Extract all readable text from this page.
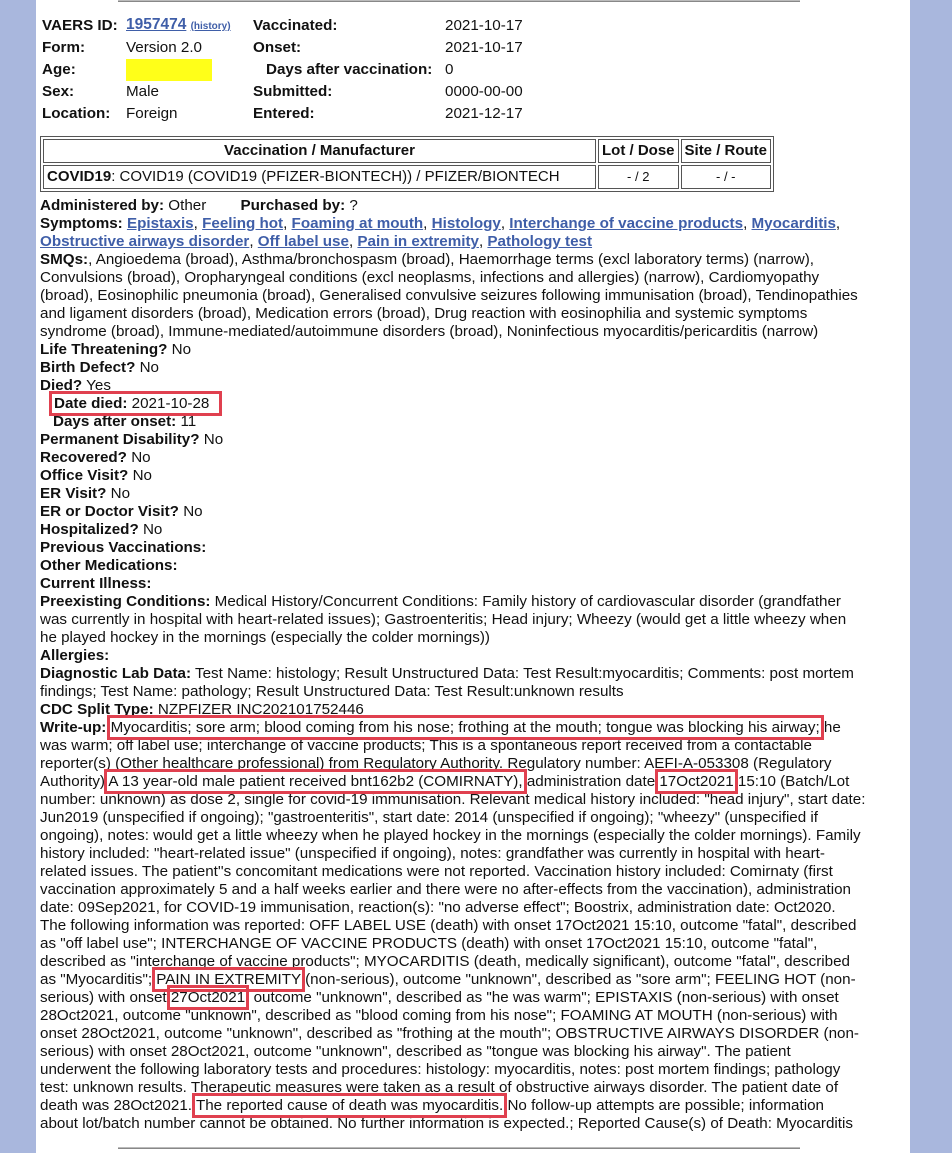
VAERS ID:	1957474 (history)	Vaccinated:	2021-10-17
Form:	Version 2.0	Onset:	2021-10-17
Age:		Days after vaccination:	0
Sex:	Male	Submitted:	0000-00-00
Location:	Foreign	Entered:	2021-12-17
Vaccination / Manufacturer	Lot / Dose	Site / Route
COVID19: COVID19 (COVID19 (PFIZER-BIONTECH)) / PFIZER/BIONTECH	- / 2	- / -
Administered by: Other Purchased by: ?
Symptoms: Epistaxis, Feeling hot, Foaming at mouth, Histology, Interchange of vaccine products, Myocarditis,
Obstructive airways disorder, Off label use, Pain in extremity, Pathology test
SMQs:, Angioedema (broad), Asthma/bronchospasm (broad), Haemorrhage terms (excl laboratory terms) (narrow),
Convulsions (broad), Oropharyngeal conditions (excl neoplasms, infections and allergies) (narrow), Cardiomyopathy
(broad), Eosinophilic pneumonia (broad), Generalised convulsive seizures following immunisation (broad), Tendinopathies
and ligament disorders (broad), Medication errors (broad), Drug reaction with eosinophilia and systemic symptoms
syndrome (broad), Immune-mediated/autoimmune disorders (broad), Noninfectious myocarditis/pericarditis (narrow)
Life Threatening? No
Birth Defect? No
Died? Yes
Date died: 2021-10-28
Days after onset: 11
Permanent Disability? No
Recovered? No
Office Visit? No
ER Visit? No
ER or Doctor Visit? No
Hospitalized? No
Previous Vaccinations:
Other Medications:
Current Illness:
Preexisting Conditions: Medical History/Concurrent Conditions: Family history of cardiovascular disorder (grandfather
was currently in hospital with heart-related issues); Gastroenteritis; Head injury; Wheezy (would get a little wheezy when
he played hockey in the mornings (especially the colder mornings))
Allergies:
Diagnostic Lab Data: Test Name: histology; Result Unstructured Data: Test Result:myocarditis; Comments: post mortem
findings; Test Name: pathology; Result Unstructured Data: Test Result:unknown results
CDC Split Type: NZPFIZER INC202101752446
Write-up: Myocarditis; sore arm; blood coming from his nose; frothing at the mouth; tongue was blocking his airway; he
was warm; off label use; interchange of vaccine products; This is a spontaneous report received from a contactable
reporter(s) (Other healthcare professional) from Regulatory Authority. Regulatory number: AEFI-A-053308 (Regulatory
Authority) A 13 year-old male patient received bnt162b2 (COMIRNATY), administration date 17Oct2021 15:10 (Batch/Lot
number: unknown) as dose 2, single for covid-19 immunisation. Relevant medical history included: "head injury", start date:
Jun2019 (unspecified if ongoing); "gastroenteritis", start date: 2014 (unspecified if ongoing); "wheezy" (unspecified if
ongoing), notes: would get a little wheezy when he played hockey in the mornings (especially the colder mornings). Family
history included: "heart-related issue" (unspecified if ongoing), notes: grandfather was currently in hospital with heart-
related issues. The patient''s concomitant medications were not reported. Vaccination history included: Comirnaty (first
vaccination approximately 5 and a half weeks earlier and there were no after-effects from the vaccination), administration
date: 09Sep2021, for COVID-19 immunisation, reaction(s): "no adverse effect"; Boostrix, administration date: Oct2020.
The following information was reported: OFF LABEL USE (death) with onset 17Oct2021 15:10, outcome "fatal", described
as "off label use"; INTERCHANGE OF VACCINE PRODUCTS (death) with onset 17Oct2021 15:10, outcome "fatal",
described as "interchange of vaccine products"; MYOCARDITIS (death, medically significant), outcome "fatal", described
as "Myocarditis"; PAIN IN EXTREMITY (non-serious), outcome "unknown", described as "sore arm"; FEELING HOT (non-
serious) with onset 27Oct2021, outcome "unknown", described as "he was warm"; EPISTAXIS (non-serious) with onset
28Oct2021, outcome "unknown", described as "blood coming from his nose"; FOAMING AT MOUTH (non-serious) with
onset 28Oct2021, outcome "unknown", described as "frothing at the mouth"; OBSTRUCTIVE AIRWAYS DISORDER (non-
serious) with onset 28Oct2021, outcome "unknown", described as "tongue was blocking his airway". The patient
underwent the following laboratory tests and procedures: histology: myocarditis, notes: post mortem findings; pathology
test: unknown results. Therapeutic measures were taken as a result of obstructive airways disorder. The patient date of
death was 28Oct2021. The reported cause of death was myocarditis. No follow-up attempts are possible; information
about lot/batch number cannot be obtained. No further information is expected.; Reported Cause(s) of Death: Myocarditis
